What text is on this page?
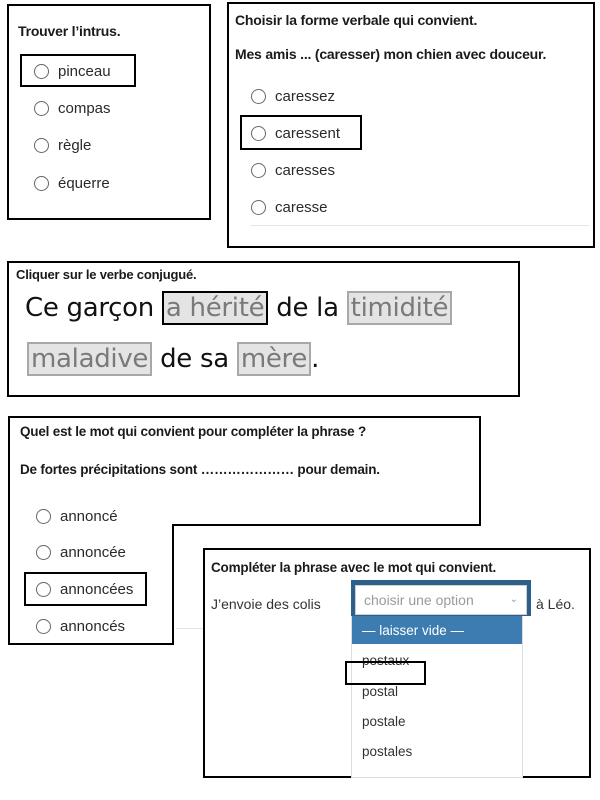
Trouver l’intrus.
pinceau
compas
règle
équerre
Choisir la forme verbale qui convient.
Mes amis ... (caresser) mon chien avec douceur.
caressez
caressent
caresses
caresse
Cliquer sur le verbe conjugué.
Ce garçon a hérité de la timidité
maladive de sa mère .
Quel est le mot qui convient pour compléter la phrase ?
De fortes précipitations sont ………………… pour demain.
annoncé
annoncée
annoncées
annoncés
Compléter la phrase avec le mot qui convient.
J’envoie des colis	choisir une option	⌄ à Léo.
— laisser vide —
postaux
postal
postale
postales
